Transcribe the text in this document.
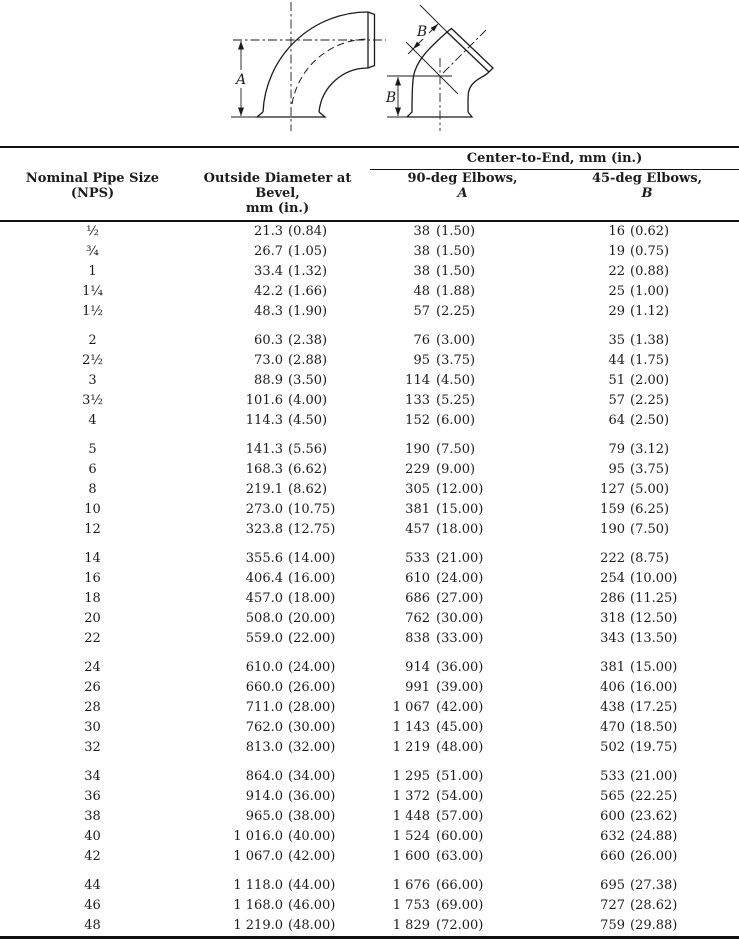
A
B
B
		Center-to-End, mm (in.)	

Nominal Pipe Size
(NPS)

Outside Diameter at Bevel,
mm (in.)

90-deg Elbows,
A

45-deg Elbows,
B

½	21.3 (0.84)	38 (1.50)	16 (0.62)
¾	26.7 (1.05)	38 (1.50)	19 (0.75)
1	33.4 (1.32)	38 (1.50)	22 (0.88)
1¼	42.2 (1.66)	48 (1.88)	25 (1.00)
1½	48.3 (1.90)	57 (2.25)	29 (1.12)
2	60.3 (2.38)	76 (3.00)	35 (1.38)
2½	73.0 (2.88)	95 (3.75)	44 (1.75)
3	88.9 (3.50)	114 (4.50)	51 (2.00)
3½	101.6 (4.00)	133 (5.25)	57 (2.25)
4	114.3 (4.50)	152 (6.00)	64 (2.50)
5	141.3 (5.56)	190 (7.50)	79 (3.12)
6	168.3 (6.62)	229 (9.00)	95 (3.75)
8	219.1 (8.62)	305 (12.00)	127 (5.00)
10	273.0 (10.75)	381 (15.00)	159 (6.25)
12	323.8 (12.75)	457 (18.00)	190 (7.50)
14	355.6 (14.00)	533 (21.00)	222 (8.75)
16	406.4 (16.00)	610 (24.00)	254 (10.00)
18	457.0 (18.00)	686 (27.00)	286 (11.25)
20	508.0 (20.00)	762 (30.00)	318 (12.50)
22	559.0 (22.00)	838 (33.00)	343 (13.50)
24	610.0 (24.00)	914 (36.00)	381 (15.00)
26	660.0 (26.00)	991 (39.00)	406 (16.00)
28	711.0 (28.00)	1 067 (42.00)	438 (17.25)
30	762.0 (30.00)	1 143 (45.00)	470 (18.50)
32	813.0 (32.00)	1 219 (48.00)	502 (19.75)
34	864.0 (34.00)	1 295 (51.00)	533 (21.00)
36	914.0 (36.00)	1 372 (54.00)	565 (22.25)
38	965.0 (38.00)	1 448 (57.00)	600 (23.62)
40	1 016.0 (40.00)	1 524 (60.00)	632 (24.88)
42	1 067.0 (42.00)	1 600 (63.00)	660 (26.00)
44	1 118.0 (44.00)	1 676 (66.00)	695 (27.38)
46	1 168.0 (46.00)	1 753 (69.00)	727 (28.62)
48	1 219.0 (48.00)	1 829 (72.00)	759 (29.88)
